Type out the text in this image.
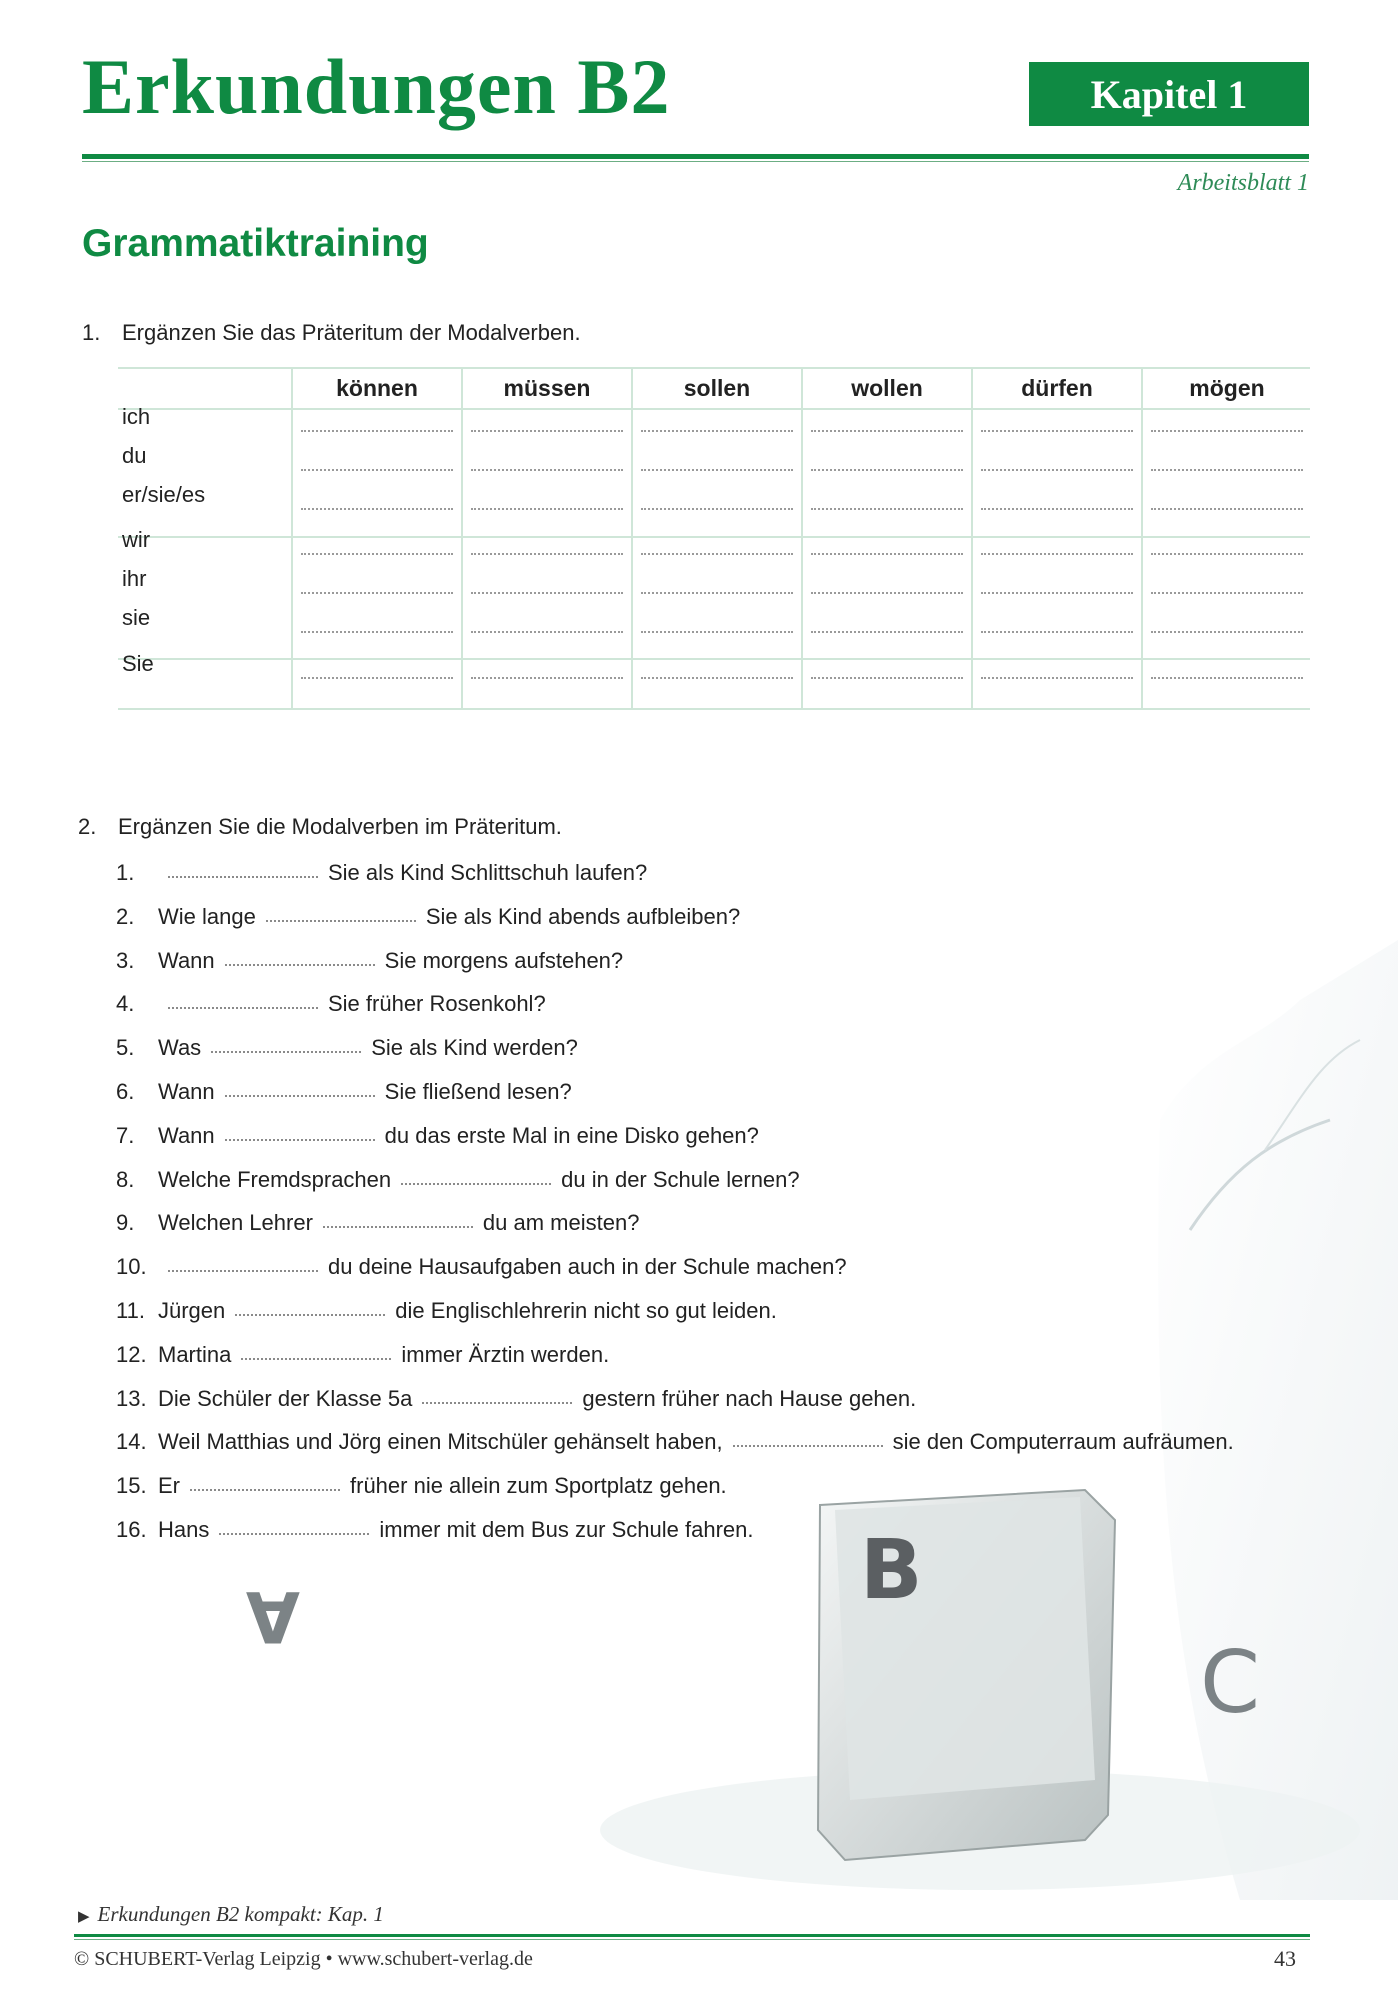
B
A
C
Erkundungen B2	Kapitel 1
Arbeitsblatt 1
Grammatiktraining
1. Ergänzen Sie das Präteritum der Modalverben.
können	müssen	sollen	wollen	dürfen	mögen
ich
du
er/sie/es
wir
ihr
sie
Sie
2. Ergänzen Sie die Modalverben im Präteritum.
1.	Sie als Kind Schlittschuh laufen?
2. Wie lange	Sie als Kind abends aufbleiben?
3. Wann	Sie morgens aufstehen?
4.	Sie früher Rosenkohl?
5. Was	Sie als Kind werden?
6. Wann	Sie fließend lesen?
7. Wann	du das erste Mal in eine Disko gehen?
8. Welche Fremdsprachen	du in der Schule lernen?
9. Welchen Lehrer	du am meisten?
10.	du deine Hausaufgaben auch in der Schule machen?
11. Jürgen	die Englischlehrerin nicht so gut leiden.
12. Martina	immer Ärztin werden.
13. Die Schüler der Klasse 5a	gestern früher nach Hause gehen.
14. Weil Matthias und Jörg einen Mitschüler gehänselt haben,	sie den Computerraum aufräumen.
15. Er	früher nie allein zum Sportplatz gehen.
16. Hans	immer mit dem Bus zur Schule fahren.
▶ Erkundungen B2 kompakt: Kap. 1
© SCHUBERT-Verlag Leipzig • www.schubert-verlag.de	43
